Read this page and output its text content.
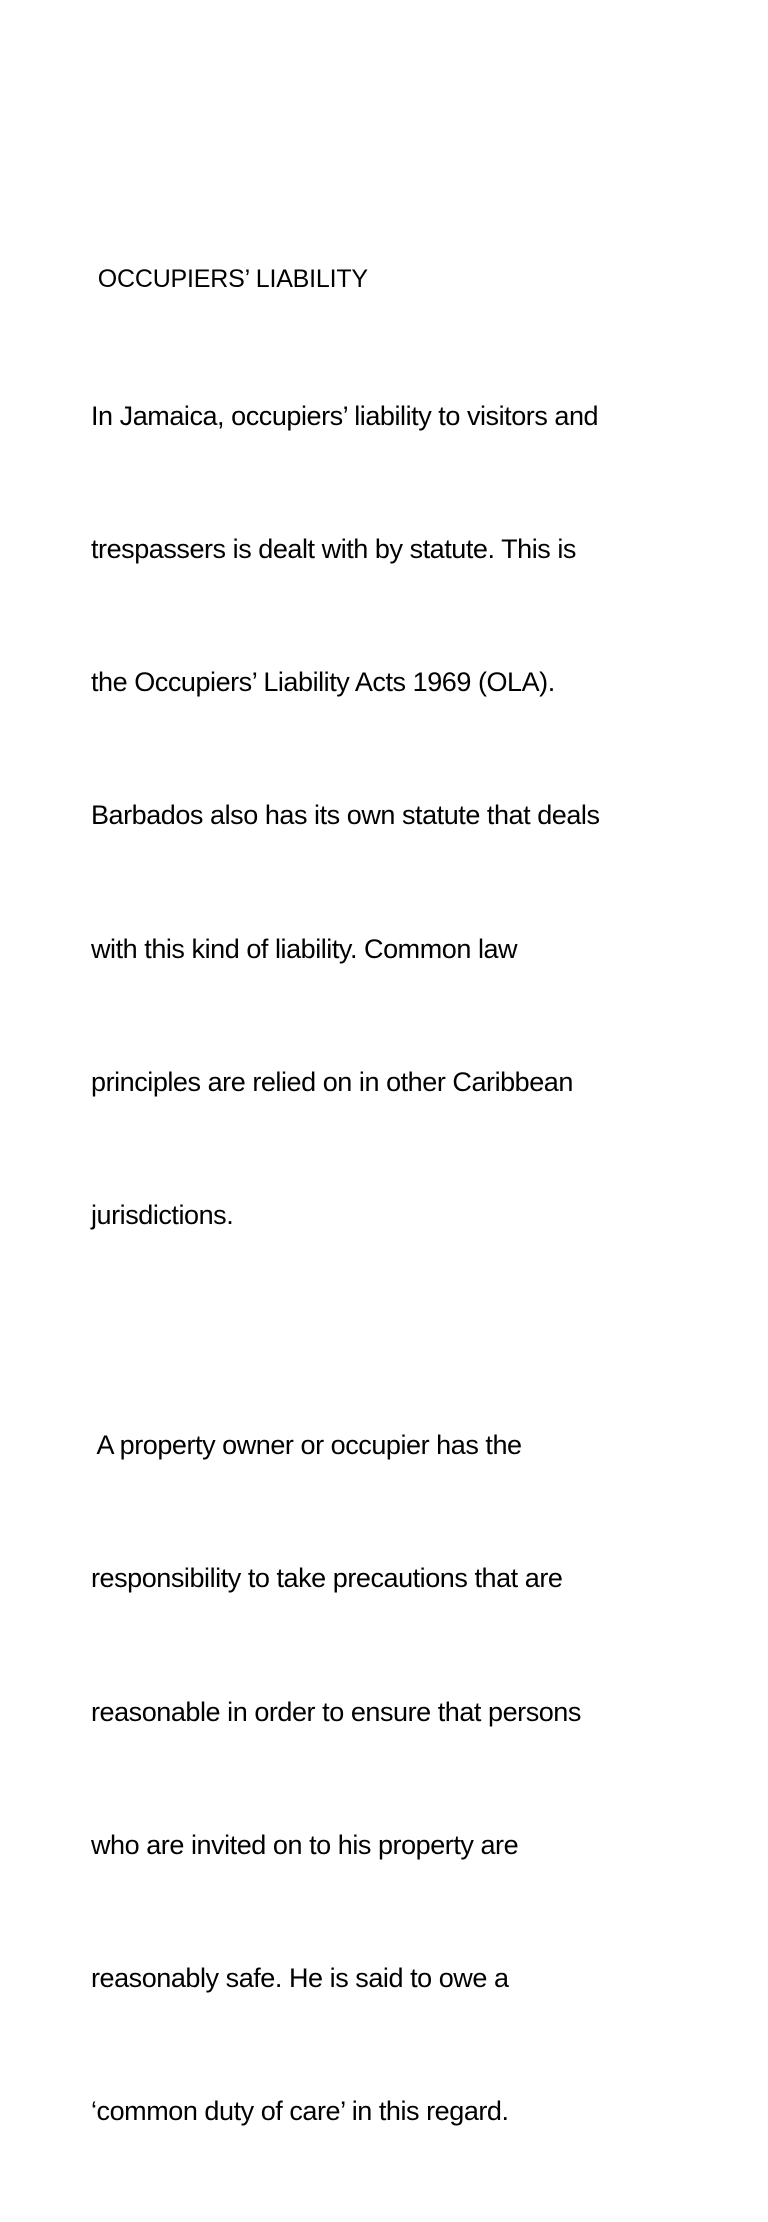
OCCUPIERS’ LIABILITY

In Jamaica, occupiers’ liability to visitors and

trespassers is dealt with by statute. This is

the Occupiers’ Liability Acts 1969 (OLA).

Barbados also has its own statute that deals

with this kind of liability. Common law

principles are relied on in other Caribbean

jurisdictions.

A property owner or occupier has the

responsibility to take precautions that are

reasonable in order to ensure that persons

who are invited on to his property are

reasonably safe. He is said to owe a

‘common duty of care’ in this regard.
